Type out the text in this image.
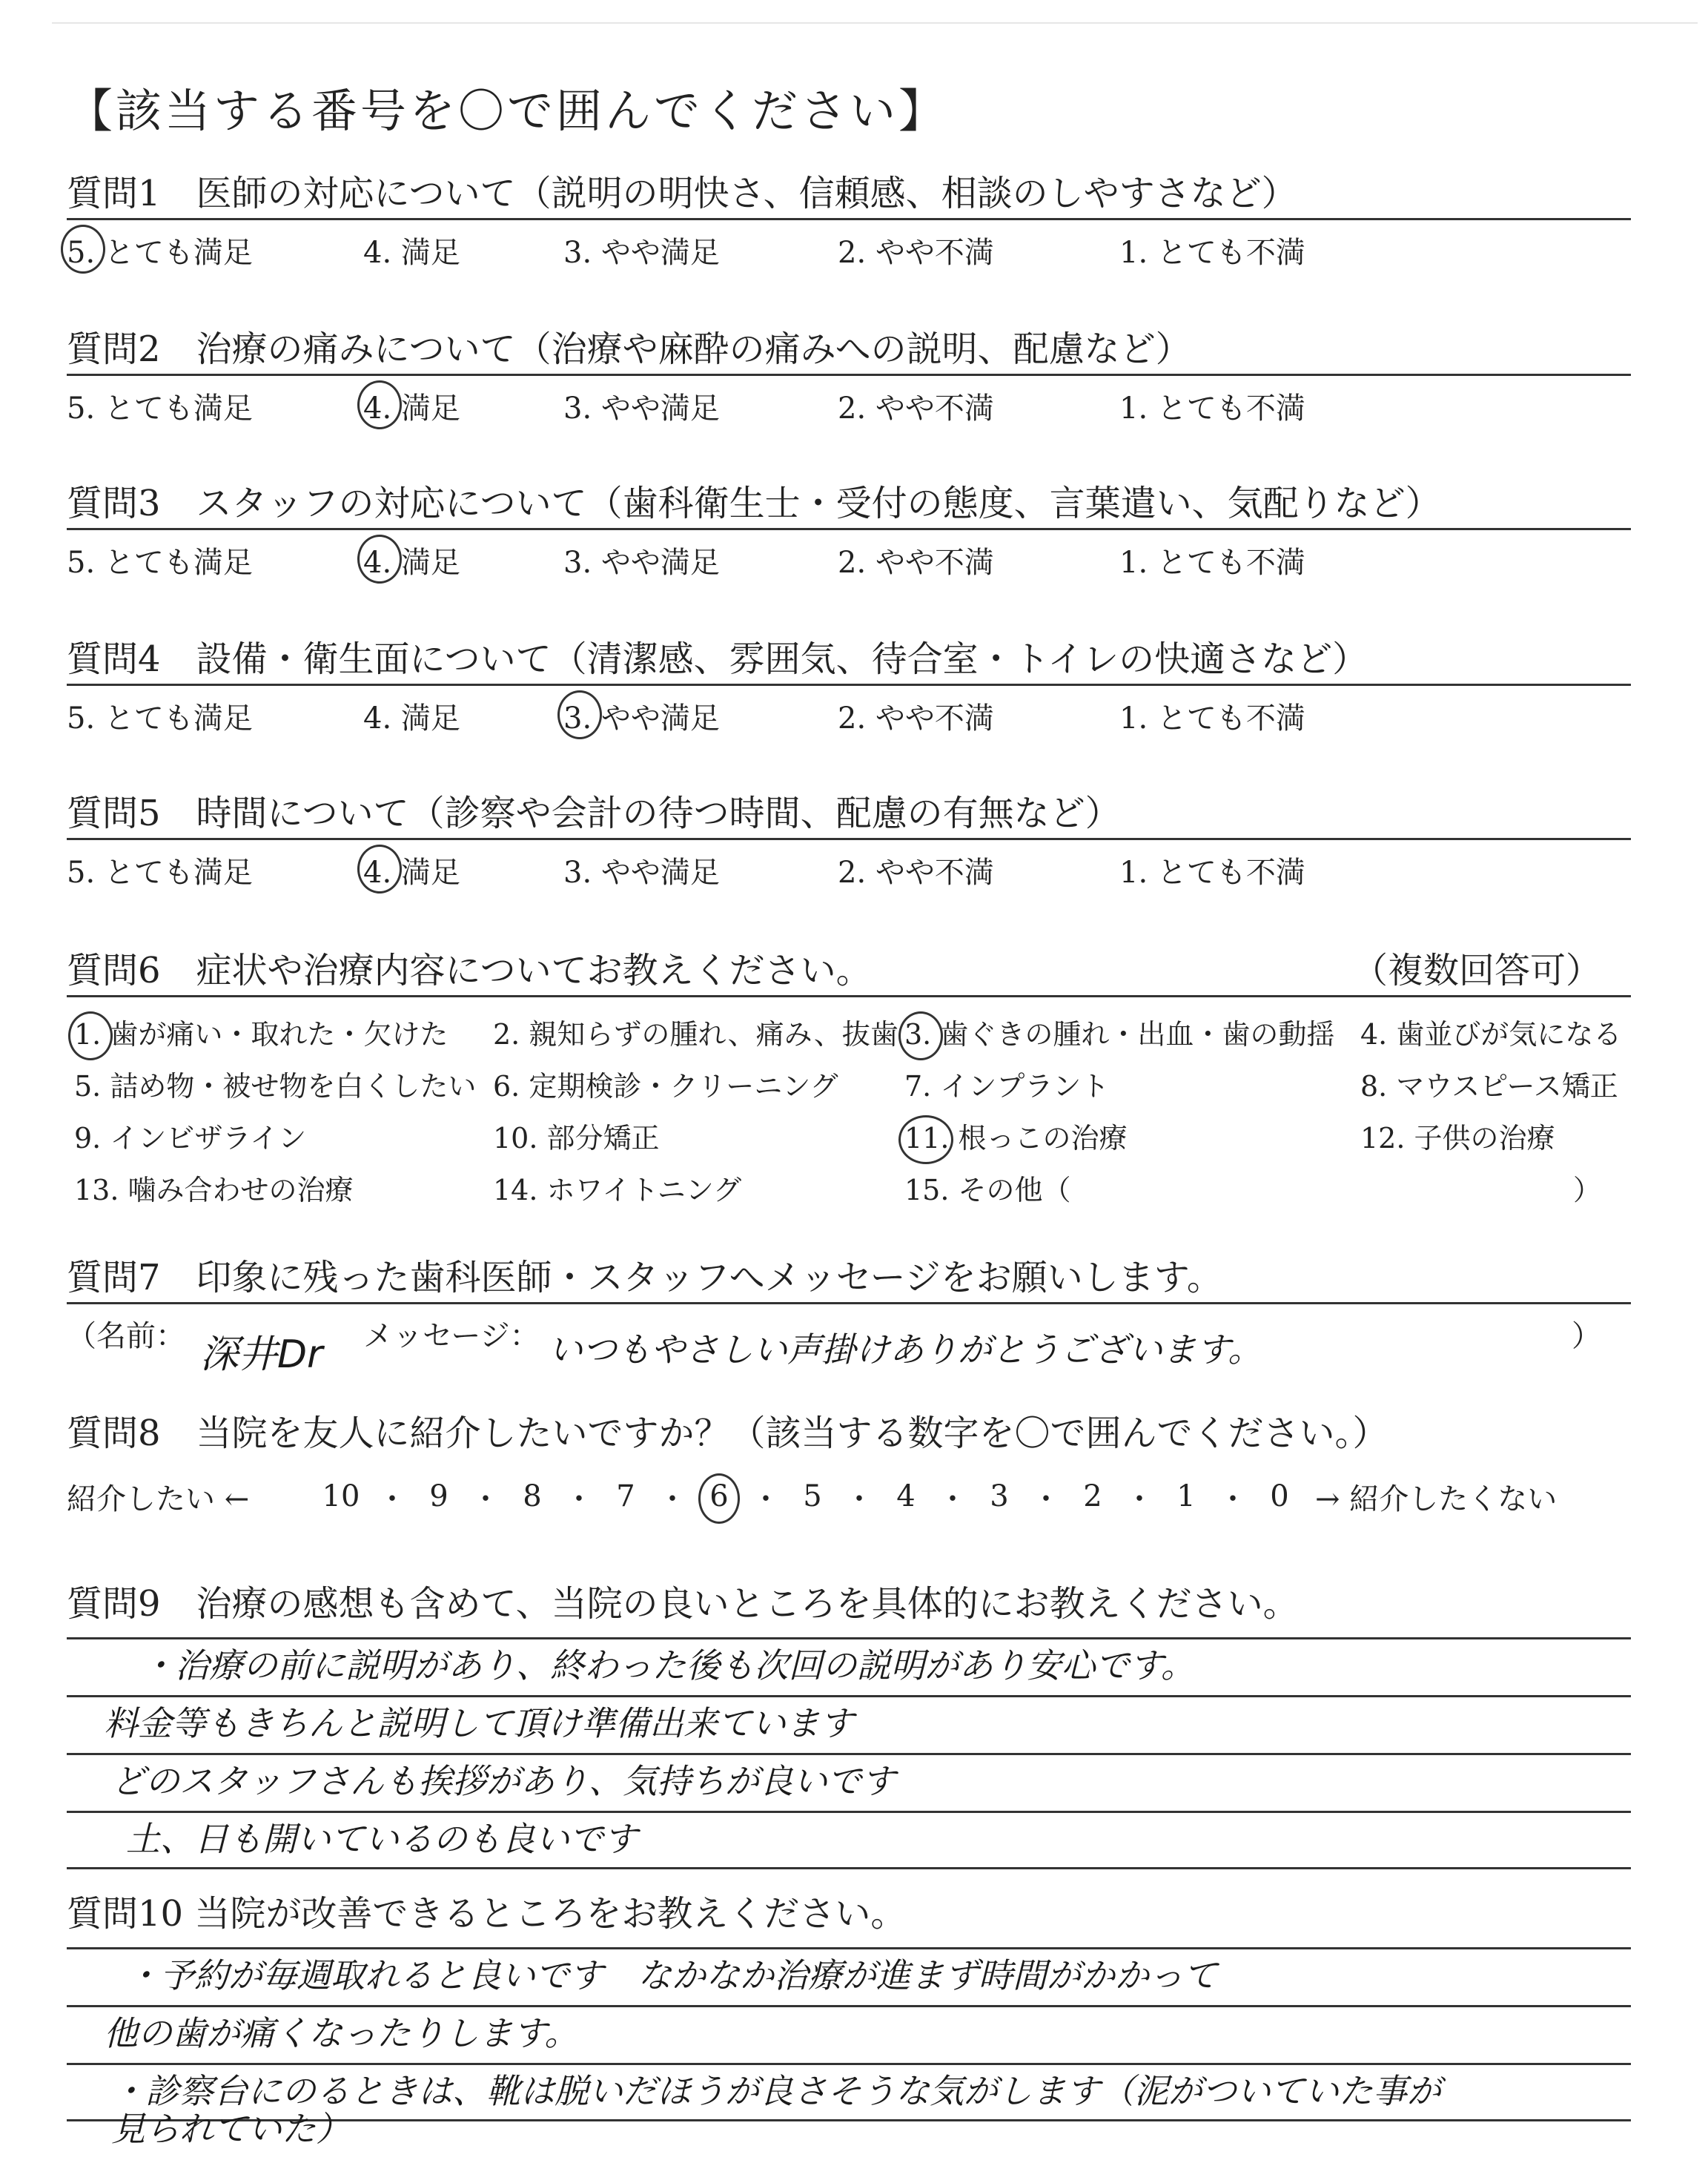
【該当する番号を〇で囲んでください】
質問1　医師の対応について（説明の明快さ、信頼感、相談のしやすさなど）
5. とても満足	4. 満足	3. やや満足	2. やや不満	1. とても不満
質問2　治療の痛みについて（治療や麻酔の痛みへの説明、配慮など）
5. とても満足	4. 満足	3. やや満足	2. やや不満	1. とても不満
質問3　スタッフの対応について（歯科衛生士・受付の態度、言葉遣い、気配りなど）
5. とても満足	4. 満足	3. やや満足	2. やや不満	1. とても不満
質問4　設備・衛生面について（清潔感、雰囲気、待合室・トイレの快適さなど）
5. とても満足	4. 満足	3. やや満足	2. やや不満	1. とても不満
質問5　時間について（診察や会計の待つ時間、配慮の有無など）
5. とても満足	4. 満足	3. やや満足	2. やや不満	1. とても不満
質問6　症状や治療内容についてお教えください。	（複数回答可）
1. 歯が痛い・取れた・欠けた 2. 親知らずの腫れ、痛み、抜歯 3. 歯ぐきの腫れ・出血・歯の動揺 4. 歯並びが気になる
5. 詰め物・被せ物を白くしたい 6. 定期検診・クリーニング 7. インプラント	8. マウスピース矯正
9. インビザライン	10. 部分矯正	11. 根っこの治療	12. 子供の治療
13. 噛み合わせの治療	14. ホワイトニング	15. その他（	）
質問7　印象に残った歯科医師・スタッフへメッセージをお願いします。
（名前： 深井Dr メッセージ： いつもやさしい声掛けありがとうございます。	）
質問8　当院を友人に紹介したいですか？（該当する数字を〇で囲んでください。）
紹介したい ←	10 ・ 9 ・ 8 ・ 7 ・ 6 ・ 5 ・ 4 ・ 3 ・ 2 ・ 1 ・ 0 → 紹介したくない
質問9　治療の感想も含めて、当院の良いところを具体的にお教えください。
・治療の前に説明があり、終わった後も次回の説明があり安心です。
料金等もきちんと説明して頂け準備出来ています
どのスタッフさんも挨拶があり、気持ちが良いです
土、日も開いているのも良いです
質問10 当院が改善できるところをお教えください。
・予約が毎週取れると良いです　なかなか治療が進まず時間がかかって
他の歯が痛くなったりします。
・診察台にのるときは、靴は脱いだほうが良さそうな気がします（泥がついていた事が
見られていた）
